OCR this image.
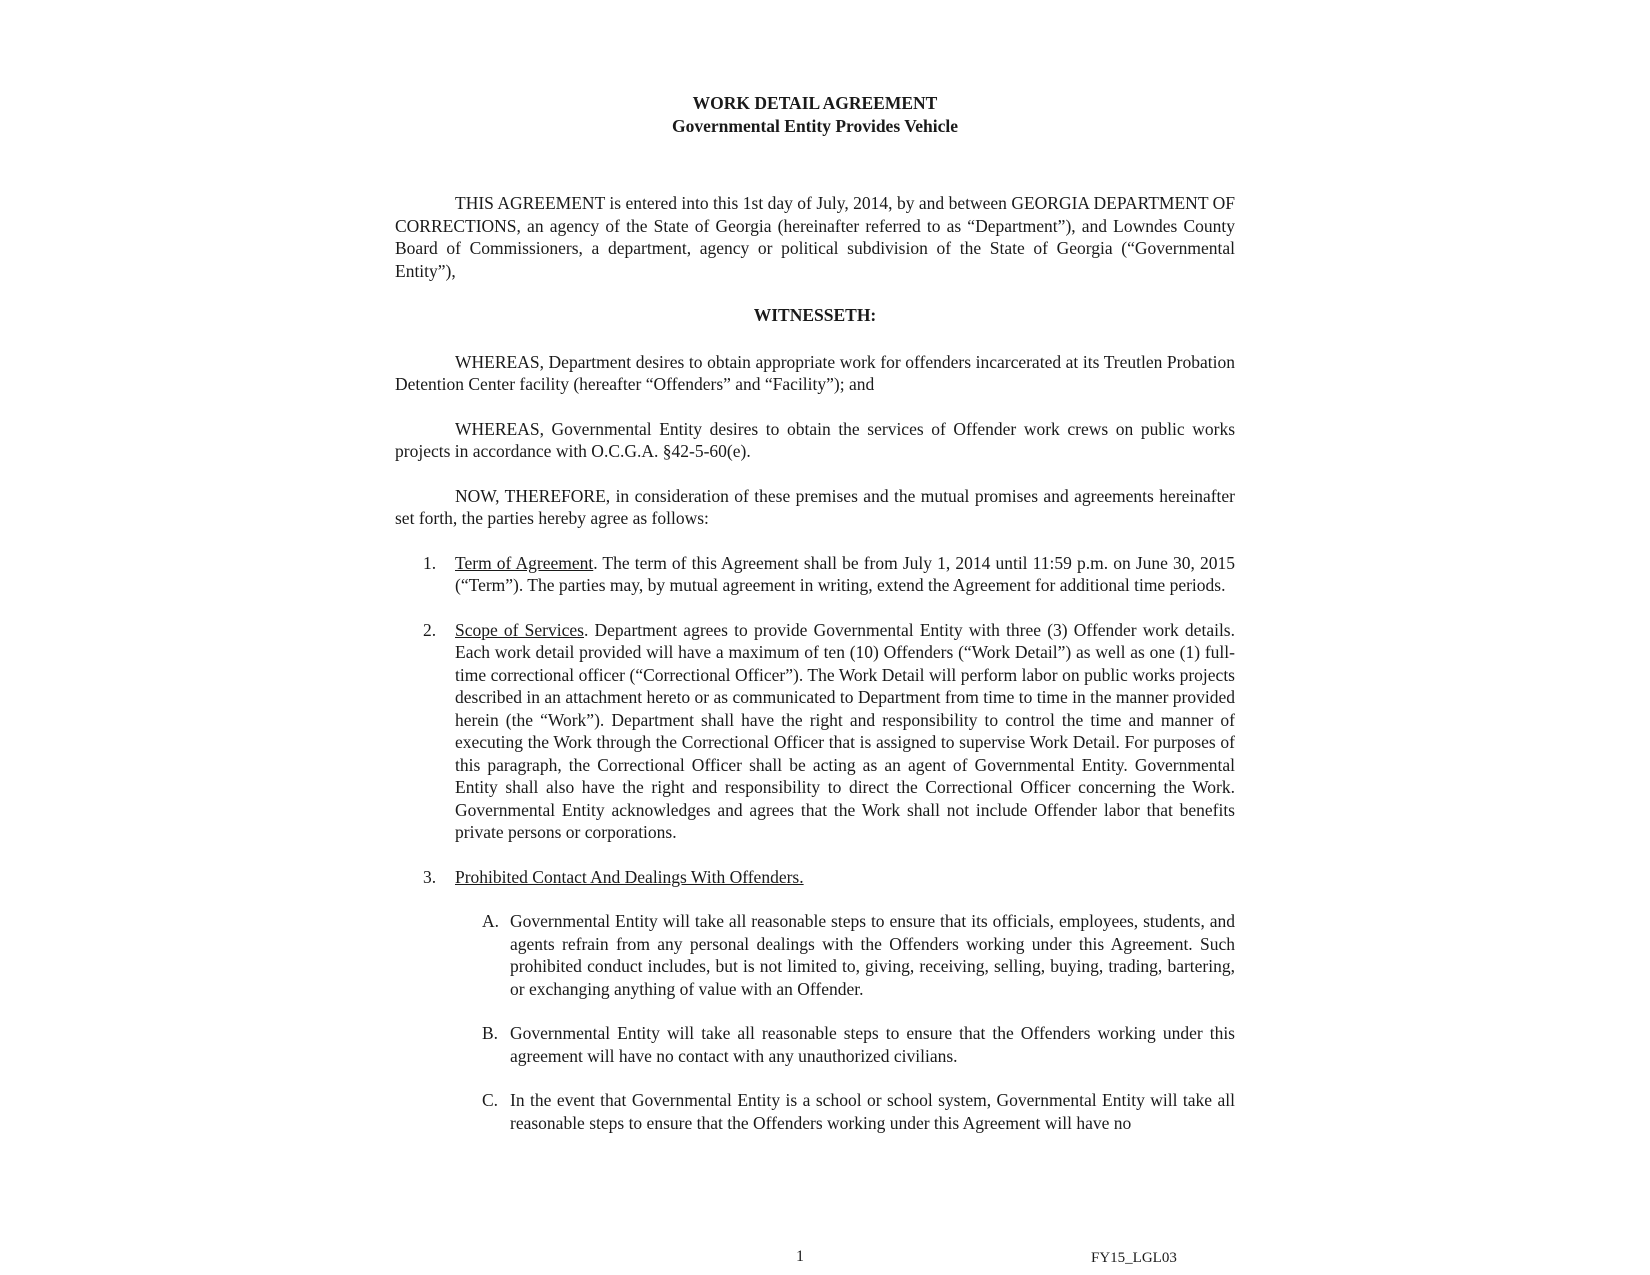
WORK DETAIL AGREEMENT

Governmental Entity Provides Vehicle

THIS AGREEMENT is entered into this 1st day of July, 2014, by and between GEORGIA DEPARTMENT OF CORRECTIONS, an agency of the State of Georgia (hereinafter referred to as “Department”), and Lowndes County Board of Commissioners, a department, agency or political subdivision of the State of Georgia (“Governmental Entity”),

WITNESSETH:

WHEREAS, Department desires to obtain appropriate work for offenders incarcerated at its Treutlen Probation Detention Center facility (hereafter “Offenders” and “Facility”); and

WHEREAS, Governmental Entity desires to obtain the services of Offender work crews on public works projects in accordance with O.C.G.A. §42-5-60(e).

NOW, THEREFORE, in consideration of these premises and the mutual promises and agreements hereinafter set forth, the parties hereby agree as follows:

1. Term of Agreement. The term of this Agreement shall be from July 1, 2014 until 11:59 p.m. on June 30, 2015 (“Term”). The parties may, by mutual agreement in writing, extend the Agreement for additional time periods.
2. Scope of Services. Department agrees to provide Governmental Entity with three (3) Offender work details. Each work detail provided will have a maximum of ten (10) Offenders (“Work Detail”) as well as one (1) full-time correctional officer (“Correctional Officer”). The Work Detail will perform labor on public works projects described in an attachment hereto or as communicated to Department from time to time in the manner provided herein (the “Work”). Department shall have the right and responsibility to control the time and manner of executing the Work through the Correctional Officer that is assigned to supervise Work Detail. For purposes of this paragraph, the Correctional Officer shall be acting as an agent of Governmental Entity. Governmental Entity shall also have the right and responsibility to direct the Correctional Officer concerning the Work. Governmental Entity acknowledges and agrees that the Work shall not include Offender labor that benefits private persons or corporations.
3. Prohibited Contact And Dealings With Offenders.
A. Governmental Entity will take all reasonable steps to ensure that its officials, employees, students, and agents refrain from any personal dealings with the Offenders working under this Agreement. Such prohibited conduct includes, but is not limited to, giving, receiving, selling, buying, trading, bartering, or exchanging anything of value with an Offender.
B. Governmental Entity will take all reasonable steps to ensure that the Offenders working under this agreement will have no contact with any unauthorized civilians.
C. In the event that Governmental Entity is a school or school system, Governmental Entity will take all reasonable steps to ensure that the Offenders working under this Agreement will have no
1	FY15_LGL03
